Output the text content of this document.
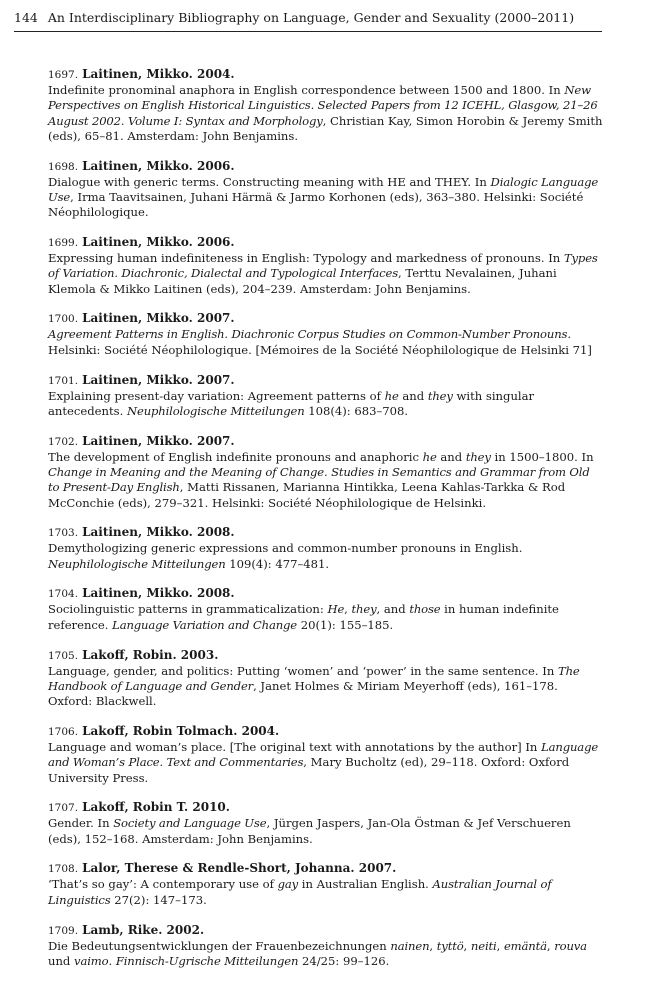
144 An Interdisciplinary Bibliography on Language, Gender and Sexuality (2000–2011)
1697. Laitinen, Mikko. 2004.
Indefinite pronominal anaphora in English correspondence between 1500 and 1800. In New Perspectives on English Historical Linguistics. Selected Papers from 12 ICEHL, Glasgow, 21–26 August 2002. Volume I: Syntax and Morphology, Christian Kay, Simon Horobin & Jeremy Smith (eds), 65–81. Amsterdam: John Benjamins.
1698. Laitinen, Mikko. 2006.
Dialogue with generic terms. Constructing meaning with HE and THEY. In Dialogic Language Use, Irma Taavitsainen, Juhani Härmä & Jarmo Korhonen (eds), 363–380. Helsinki: Société Néophilologique.
1699. Laitinen, Mikko. 2006.
Expressing human indefiniteness in English: Typology and markedness of pronouns. In Types of Variation. Diachronic, Dialectal and Typological Interfaces, Terttu Nevalainen, Juhani Klemola & Mikko Laitinen (eds), 204–239. Amsterdam: John Benjamins.
1700. Laitinen, Mikko. 2007.
Agreement Patterns in English. Diachronic Corpus Studies on Common-Number Pronouns. Helsinki: Société Néophilologique. [Mémoires de la Société Néophilologique de Helsinki 71]
1701. Laitinen, Mikko. 2007.
Explaining present-day variation: Agreement patterns of he and they with singular antecedents. Neuphilologische Mitteilungen 108(4): 683–708.
1702. Laitinen, Mikko. 2007.
The development of English indefinite pronouns and anaphoric he and they in 1500–1800. In Change in Meaning and the Meaning of Change. Studies in Semantics and Grammar from Old to Present-Day English, Matti Rissanen, Marianna Hintikka, Leena Kahlas-Tarkka & Rod McConchie (eds), 279–321. Helsinki: Société Néophilologique de Helsinki.
1703. Laitinen, Mikko. 2008.
Demythologizing generic expressions and common-number pronouns in English. Neuphilologische Mitteilungen 109(4): 477–481.
1704. Laitinen, Mikko. 2008.
Sociolinguistic patterns in grammaticalization: He, they, and those in human indefinite reference. Language Variation and Change 20(1): 155–185.
1705. Lakoff, Robin. 2003.
Language, gender, and politics: Putting ‘women’ and ‘power’ in the same sentence. In The Handbook of Language and Gender, Janet Holmes & Miriam Meyerhoff (eds), 161–178. Oxford: Blackwell.
1706. Lakoff, Robin Tolmach. 2004.
Language and woman’s place. [The original text with annotations by the author] In Language and Woman’s Place. Text and Commentaries, Mary Bucholtz (ed), 29–118. Oxford: Oxford University Press.
1707. Lakoff, Robin T. 2010.
Gender. In Society and Language Use, Jürgen Jaspers, Jan-Ola Östman & Jef Verschueren (eds), 152–168. Amsterdam: John Benjamins.
1708. Lalor, Therese & Rendle-Short, Johanna. 2007.
‘That’s so gay’: A contemporary use of gay in Australian English. Australian Journal of Linguistics 27(2): 147–173.
1709. Lamb, Rike. 2002.
Die Bedeutungsentwicklungen der Frauenbezeichnungen nainen, tyttö, neiti, emäntä, rouva und vaimo. Finnisch-Ugrische Mitteilungen 24/25: 99–126.
